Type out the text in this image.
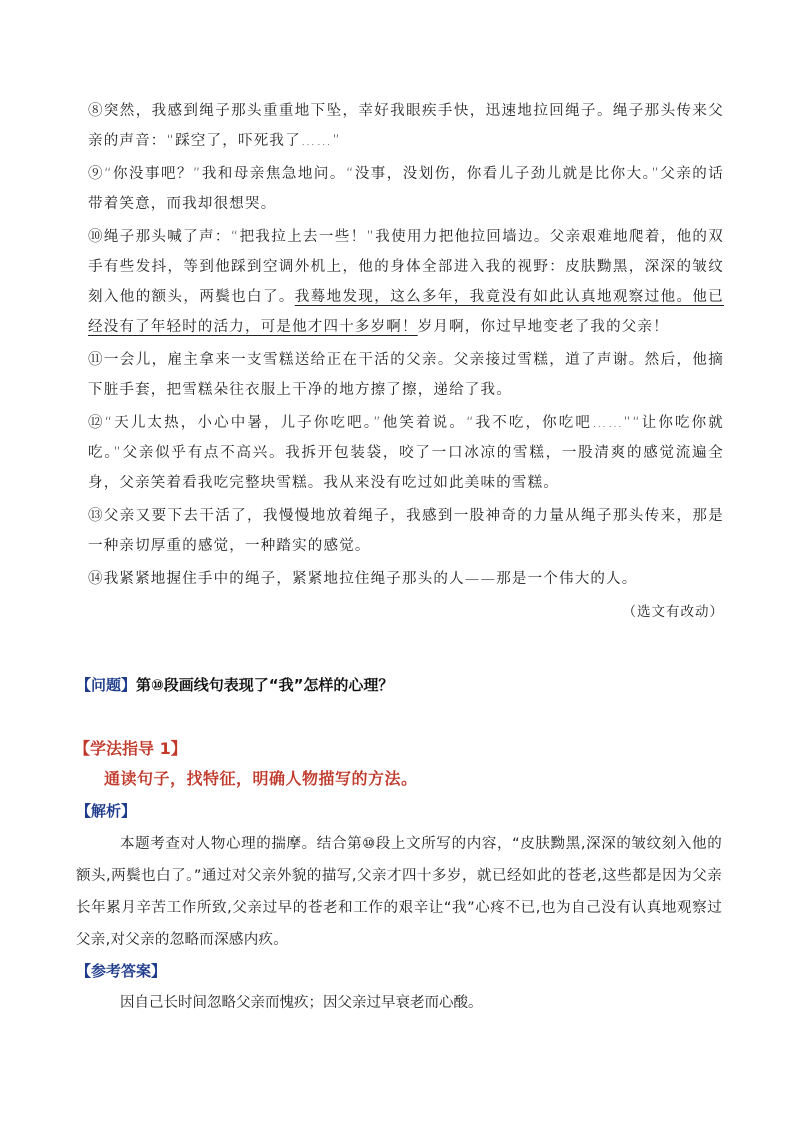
⑧突然，我感到绳子那头重重地下坠，幸好我眼疾手快，迅速地拉回绳子。绳子那头传来父亲的声音：“踩空了，吓死我了……”

⑨“你没事吧？”我和母亲焦急地问。“没事，没划伤，你看儿子劲儿就是比你大。”父亲的话带着笑意，而我却很想哭。

⑩绳子那头喊了声：“把我拉上去一些！”我使用力把他拉回墙边。父亲艰难地爬着，他的双手有些发抖，等到他踩到空调外机上，他的身体全部进入我的视野：皮肤黝黑，深深的皱纹刻入他的额头，两鬓也白了。我蓦地发现，这么多年，我竟没有如此认真地观察过他。他已经没有了年轻时的活力，可是他才四十多岁啊！岁月啊，你过早地变老了我的父亲！

⑪一会儿，雇主拿来一支雪糕送给正在干活的父亲。父亲接过雪糕，道了声谢。然后，他摘下脏手套，把雪糕朵往衣服上干净的地方擦了擦，递给了我。

⑫“天儿太热，小心中暑，儿子你吃吧。”他笑着说。“我不吃，你吃吧……”“让你吃你就吃。”父亲似乎有点不高兴。我拆开包装袋，咬了一口冰凉的雪糕，一股清爽的感觉流遍全身，父亲笑着看我吃完整块雪糕。我从来没有吃过如此美味的雪糕。

⑬父亲又要下去干活了，我慢慢地放着绳子，我感到一股神奇的力量从绳子那头传来，那是一种亲切厚重的感觉，一种踏实的感觉。

⑭我紧紧地握住手中的绳子，紧紧地拉住绳子那头的人——那是一个伟大的人。

（选文有改动）
【问题】第⑩段画线句表现了“我”怎样的心理？
【学法指导 1】
通读句子，找特征，明确人物描写的方法。
【解析】
本题考查对人物心理的揣摩。结合第⑩段上文所写的内容，“皮肤黝黑,深深的皱纹刻入他的额头,两鬓也白了。”通过对父亲外貌的描写,父亲才四十多岁，就已经如此的苍老,这些都是因为父亲长年累月辛苦工作所致,父亲过早的苍老和工作的艰辛让“我”心疼不已,也为自己没有认真地观察过父亲,对父亲的忽略而深感内疚。
【参考答案】
因自己长时间忽略父亲而愧疚；因父亲过早衰老而心酸。
